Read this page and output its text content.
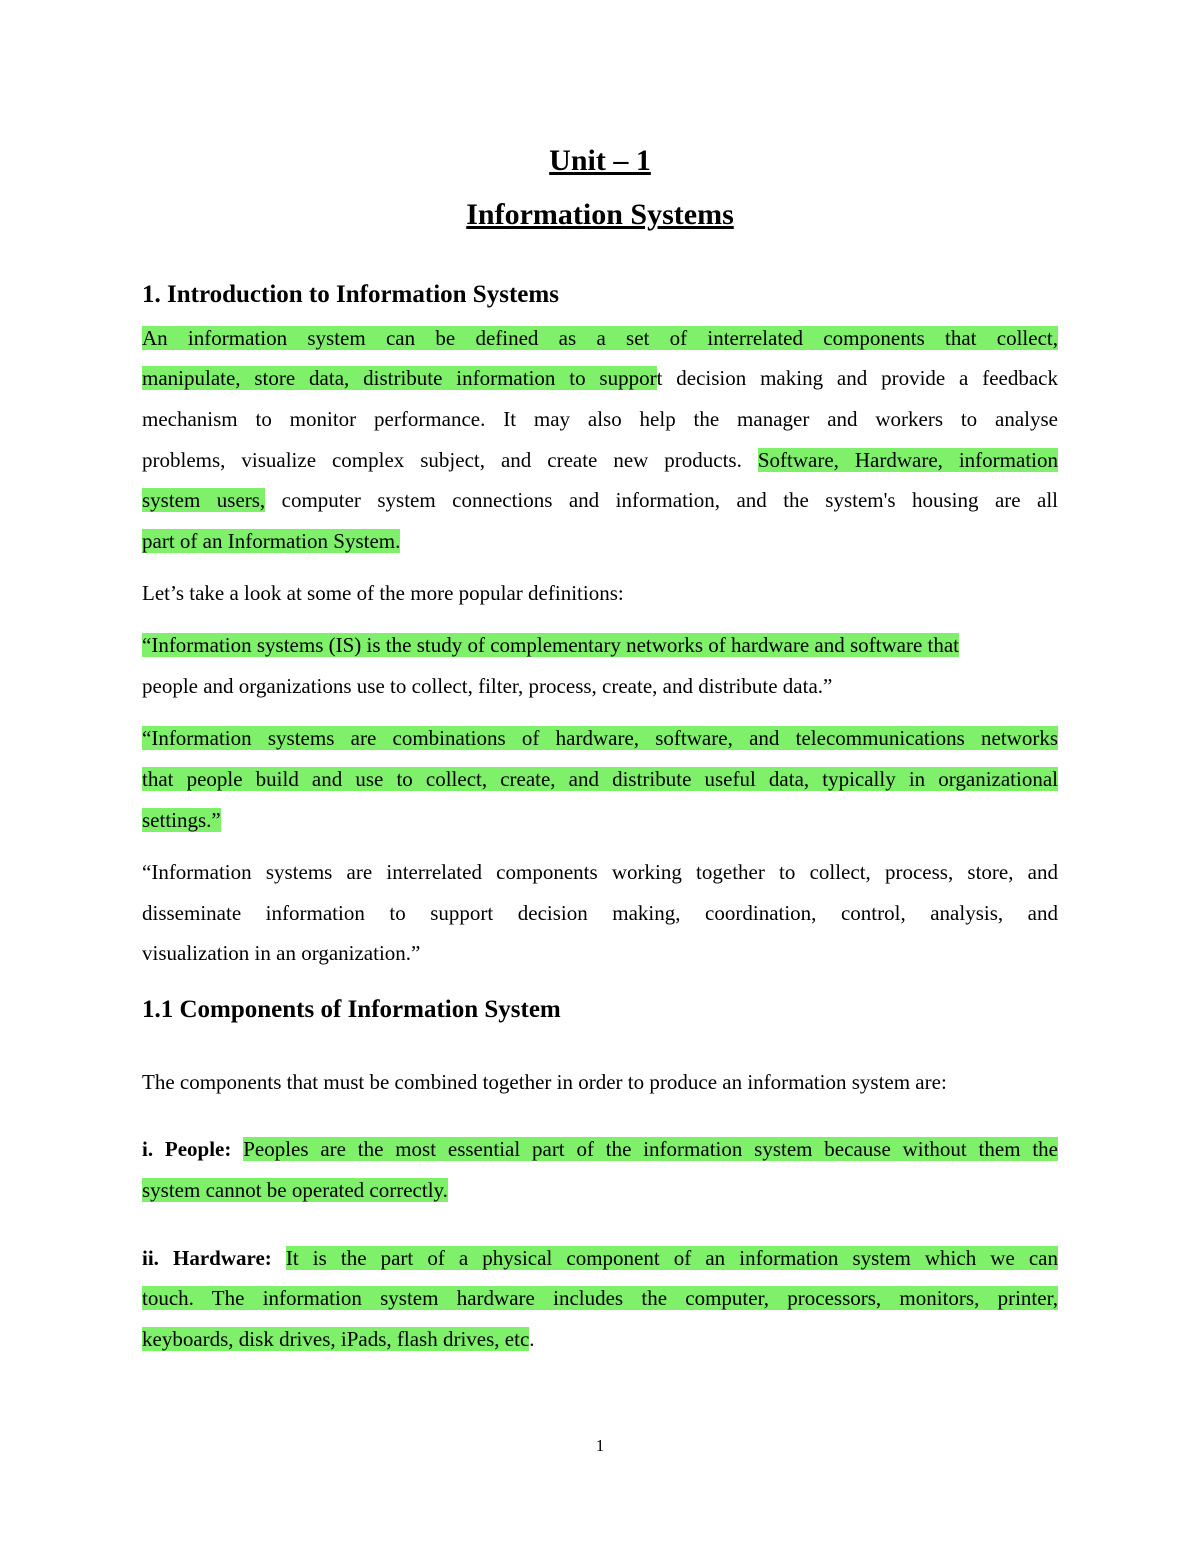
Unit – 1
Information Systems
1. Introduction to Information Systems
An information system can be defined as a set of interrelated components that collect,
manipulate, store data, distribute information to support decision making and provide a feedback
mechanism to monitor performance. It may also help the manager and workers to analyse
problems, visualize complex subject, and create new products. Software, Hardware, information
system users, computer system connections and information, and the system's housing are all
part of an Information System.
Let’s take a look at some of the more popular definitions:
“Information systems (IS) is the study of complementary networks of hardware and software that
people and organizations use to collect, filter, process, create, and distribute data.”
“Information systems are combinations of hardware, software, and telecommunications networks
that people build and use to collect, create, and distribute useful data, typically in organizational
settings.”
“Information systems are interrelated components working together to collect, process, store, and
disseminate information to support decision making, coordination, control, analysis, and
visualization in an organization.”
1.1 Components of Information System
The components that must be combined together in order to produce an information system are:
i. People: Peoples are the most essential part of the information system because without them the
system cannot be operated correctly.
ii. Hardware: It is the part of a physical component of an information system which we can
touch. The information system hardware includes the computer, processors, monitors, printer,
keyboards, disk drives, iPads, flash drives, etc.
1
